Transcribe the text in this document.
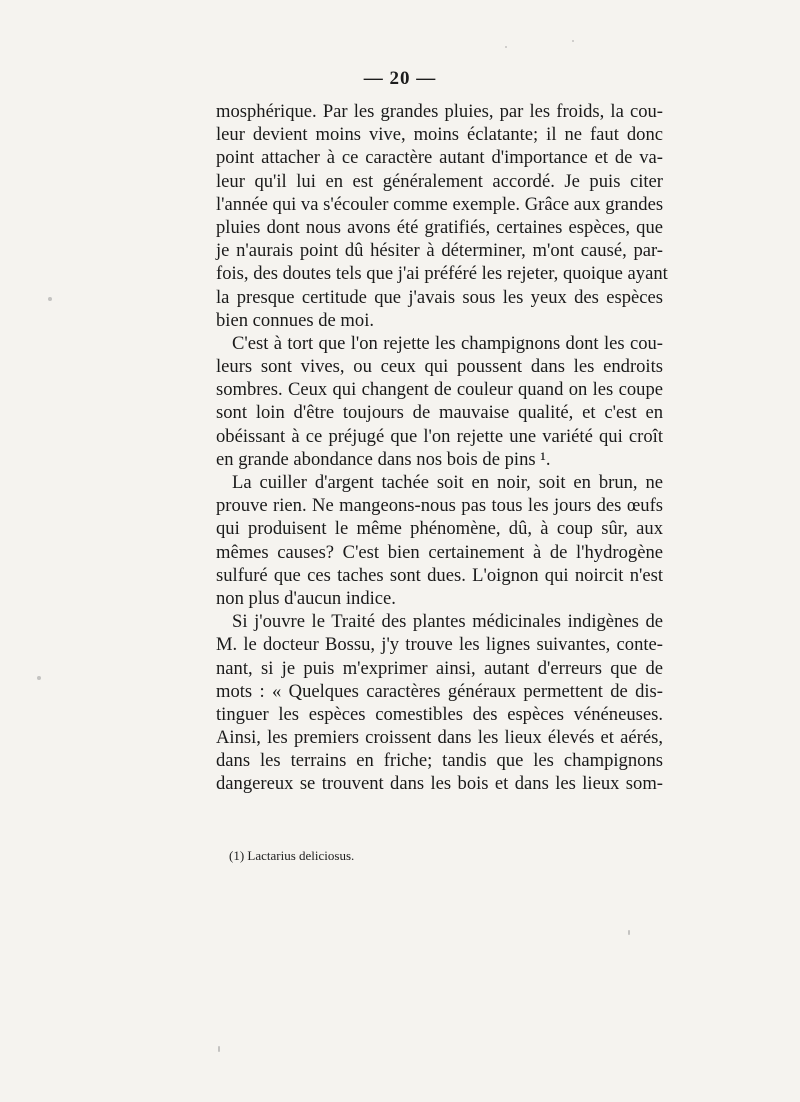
— 20 —
mosphérique. Par les grandes pluies, par les froids, la cou-
leur devient moins vive, moins éclatante; il ne faut donc
point attacher à ce caractère autant d'importance et de va-
leur qu'il lui en est généralement accordé. Je puis citer
l'année qui va s'écouler comme exemple. Grâce aux grandes
pluies dont nous avons été gratifiés, certaines espèces, que
je n'aurais point dû hésiter à déterminer, m'ont causé, par-
fois, des doutes tels que j'ai préféré les rejeter, quoique ayant
la presque certitude que j'avais sous les yeux des espèces
bien connues de moi.
C'est à tort que l'on rejette les champignons dont les cou-
leurs sont vives, ou ceux qui poussent dans les endroits
sombres. Ceux qui changent de couleur quand on les coupe
sont loin d'être toujours de mauvaise qualité, et c'est en
obéissant à ce préjugé que l'on rejette une variété qui croît
en grande abondance dans nos bois de pins ¹.
La cuiller d'argent tachée soit en noir, soit en brun, ne
prouve rien. Ne mangeons-nous pas tous les jours des œufs
qui produisent le même phénomène, dû, à coup sûr, aux
mêmes causes? C'est bien certainement à de l'hydrogène
sulfuré que ces taches sont dues. L'oignon qui noircit n'est
non plus d'aucun indice.
Si j'ouvre le Traité des plantes médicinales indigènes de
M. le docteur Bossu, j'y trouve les lignes suivantes, conte-
nant, si je puis m'exprimer ainsi, autant d'erreurs que de
mots : « Quelques caractères généraux permettent de dis-
tinguer les espèces comestibles des espèces vénéneuses.
Ainsi, les premiers croissent dans les lieux élevés et aérés,
dans les terrains en friche; tandis que les champignons
dangereux se trouvent dans les bois et dans les lieux som-
(1) Lactarius deliciosus.
